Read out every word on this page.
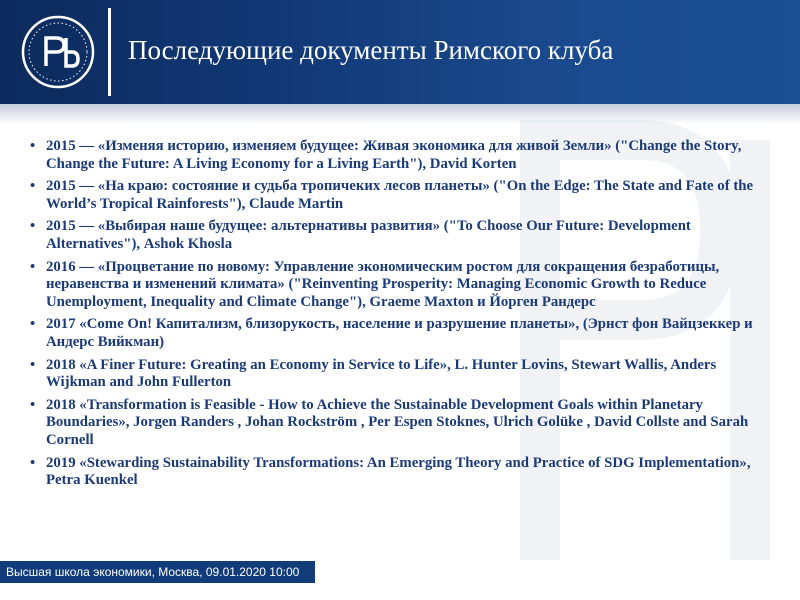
Последующие документы Римского клуба
• 2015 — «Изменяя историю, изменяем будущее: Живая экономика для живой Земли» ("Change the Story, Change the Future: A Living Economy for a Living Earth"), David Korten
• 2015 — «На краю: состояние и судьба тропичеких лесов планеты» ("On the Edge: The State and Fate of the World’s Tropical Rainforests"), Claude Martin
• 2015 — «Выбирая наше будущее: альтернативы развития» ("To Choose Our Future: Development Alternatives"), Ashok Khosla
• 2016 — «Процветание по новому: Управление экономическим ростом для сокращения безработицы, неравенства и изменений климата» ("Reinventing Prosperity: Managing Economic Growth to Reduce Unemployment, Inequality and Climate Change"), Graeme Maxton и Йорген Рандерс
• 2017 «Come On! Капитализм, близорукость, население и разрушение планеты», (Эрнст фон Вайцзеккер и Андерс Вийкман)
• 2018 «A Finer Future: Greating an Economy in Service to Life», L. Hunter Lovins, Stewart Wallis, Anders Wijkman and John Fullerton
• 2018 «Transformation is Feasible - How to Achieve the Sustainable Development Goals within Planetary Boundaries», Jorgen Randers , Johan Rockström , Per Espen Stoknes, Ulrich Golüke , David Collste and Sarah Cornell
• 2019 «Stewarding Sustainability Transformations: An Emerging Theory and Practice of SDG Implementation», Petra Kuenkel
Высшая школа экономики, Москва, 09.01.2020 10:00
